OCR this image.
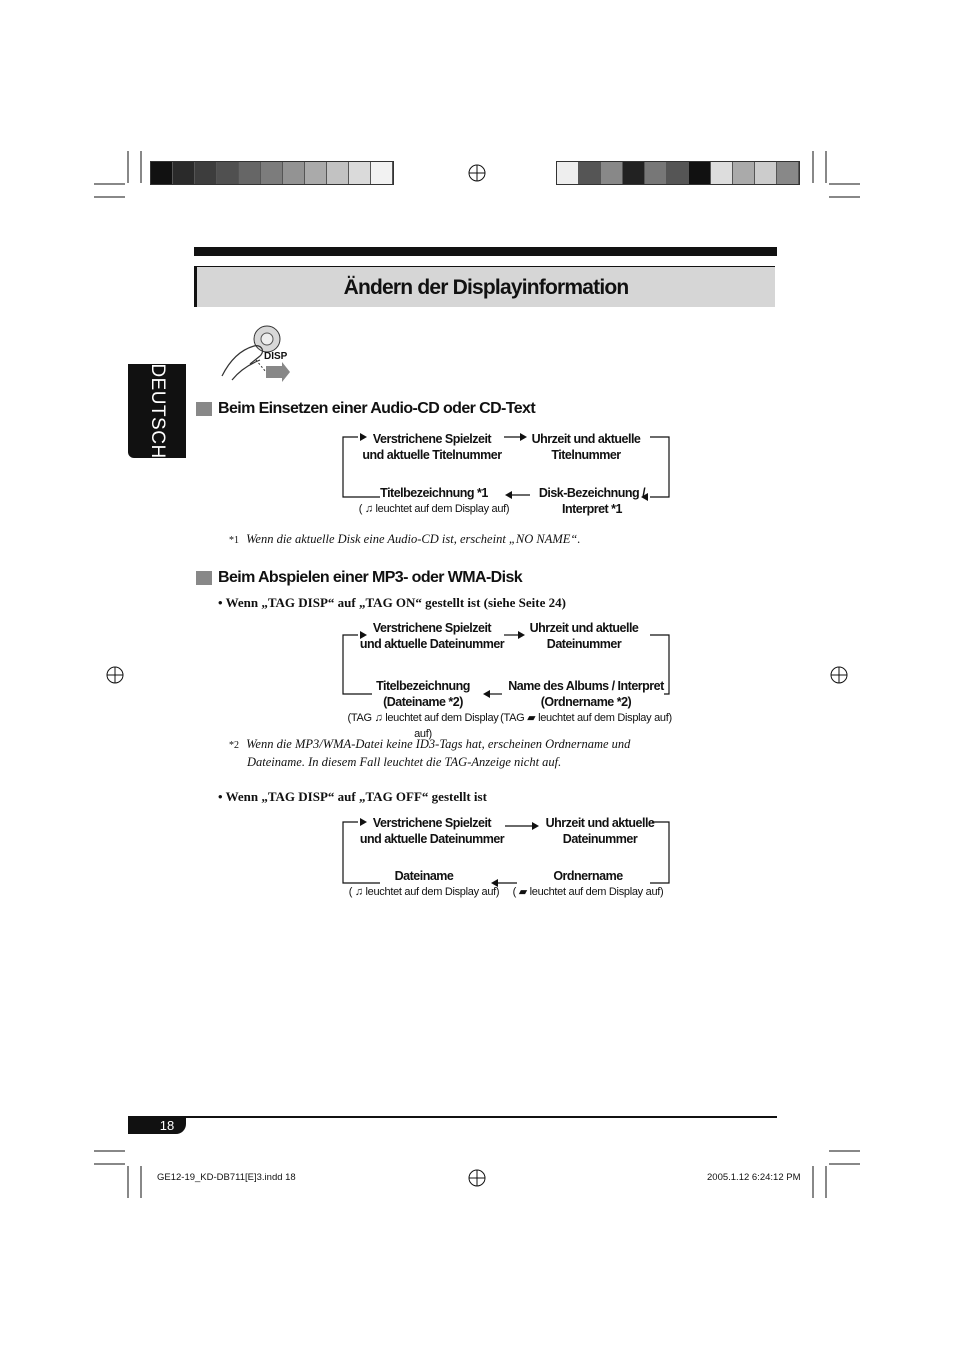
Ändern der Displayinformation
DEUTSCH
DISP
Beim Einsetzen einer Audio-CD oder CD-Text
Verstrichene Spielzeit
und aktuelle Titelnummer
Uhrzeit und aktuelle
Titelnummer
Titelbezeichnung *1
( ♫ leuchtet auf dem Display auf)
Disk-Bezeichnung /
Interpret *1
*1 Wenn die aktuelle Disk eine Audio-CD ist, erscheint „NO NAME“.
Beim Abspielen einer MP3- oder WMA-Disk
• Wenn „TAG DISP“ auf „TAG ON“ gestellt ist (siehe Seite 24)
Verstrichene Spielzeit
und aktuelle Dateinummer
Uhrzeit und aktuelle
Dateinummer
Titelbezeichnung
(Dateiname *2)
(TAG ♫ leuchtet auf dem Display auf)
Name des Albums / Interpret
(Ordnername *2)
(TAG ▰ leuchtet auf dem Display auf)
*2 Wenn die MP3/WMA-Datei keine ID3-Tags hat, erscheinen Ordnername und
Dateiname. In diesem Fall leuchtet die TAG-Anzeige nicht auf.
• Wenn „TAG DISP“ auf „TAG OFF“ gestellt ist
Verstrichene Spielzeit
und aktuelle Dateinummer
Uhrzeit und aktuelle
Dateinummer
Dateiname
( ♫ leuchtet auf dem Display auf)
Ordnername
( ▰ leuchtet auf dem Display auf)
18
GE12-19_KD-DB711[E]3.indd 18	2005.1.12 6:24:12 PM
